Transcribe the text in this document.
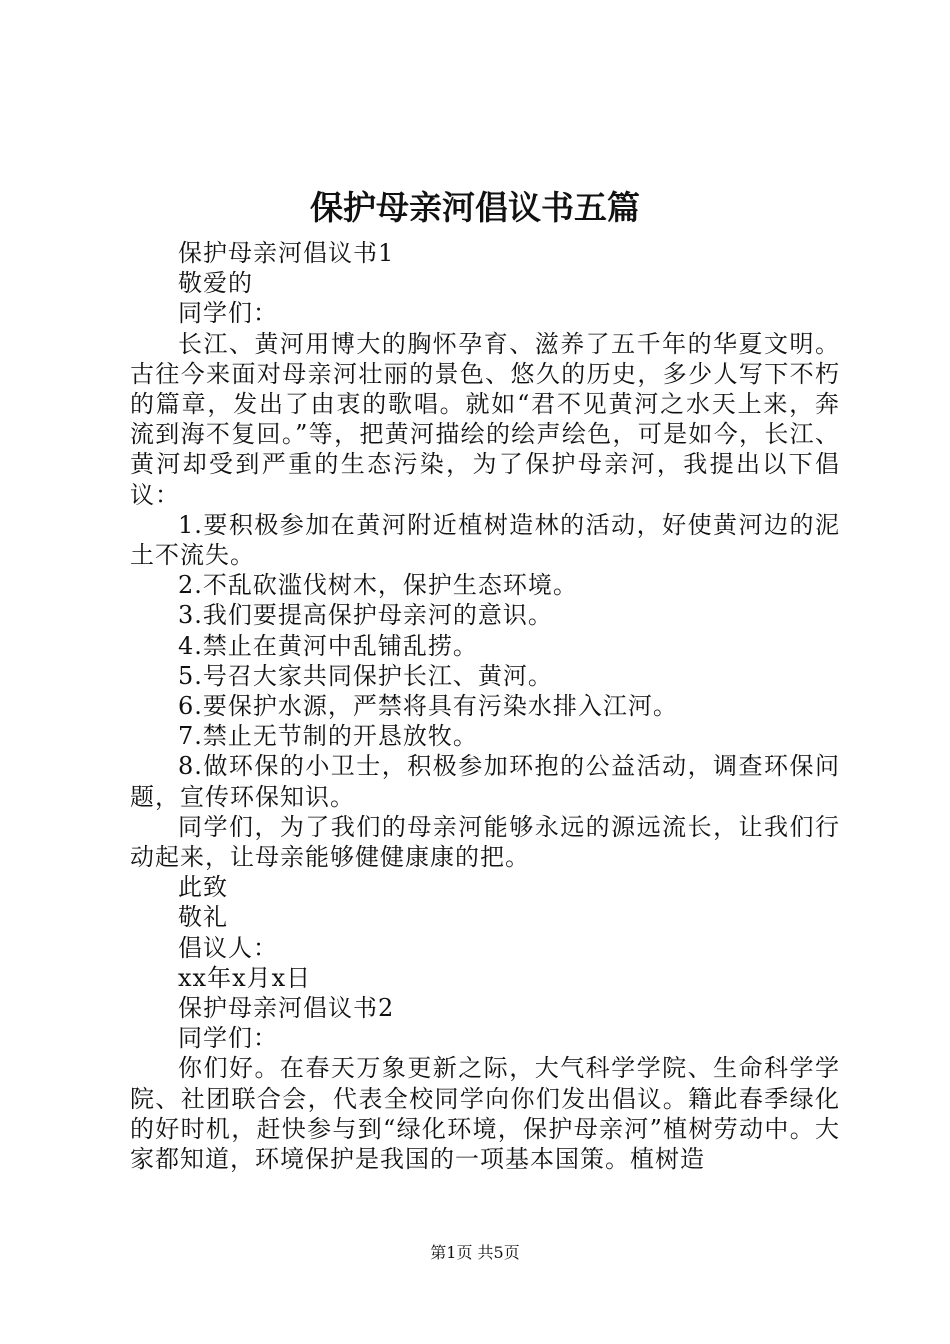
保护母亲河倡议书五篇

保护母亲河倡议书1

敬爱的

同学们：

长江、黄河用博大的胸怀孕育、滋养了五千年的华夏文明。古往今来面对母亲河壮丽的景色、悠久的历史，多少人写下不朽的篇章，发出了由衷的歌唱。就如“君不见黄河之水天上来，奔流到海不复回。”等，把黄河描绘的绘声绘色，可是如今，长江、黄河却受到严重的生态污染，为了保护母亲河，我提出以下倡议：

1.要积极参加在黄河附近植树造林的活动，好使黄河边的泥土不流失。

2.不乱砍滥伐树木，保护生态环境。

3.我们要提高保护母亲河的意识。

4.禁止在黄河中乱铺乱捞。

5.号召大家共同保护长江、黄河。

6.要保护水源，严禁将具有污染水排入江河。

7.禁止无节制的开恳放牧。

8.做环保的小卫士，积极参加环抱的公益活动，调查环保问题，宣传环保知识。

同学们，为了我们的母亲河能够永远的源远流长，让我们行动起来，让母亲能够健健康康的把。

此致

敬礼

倡议人：

xx年x月x日

保护母亲河倡议书2

同学们：

你们好。在春天万象更新之际，大气科学学院、生命科学学院、社团联合会，代表全校同学向你们发出倡议。籍此春季绿化的好时机，赶快参与到“绿化环境，保护母亲河”植树劳动中。大家都知道，环境保护是我国的一项基本国策。植树造

第1页 共5页
